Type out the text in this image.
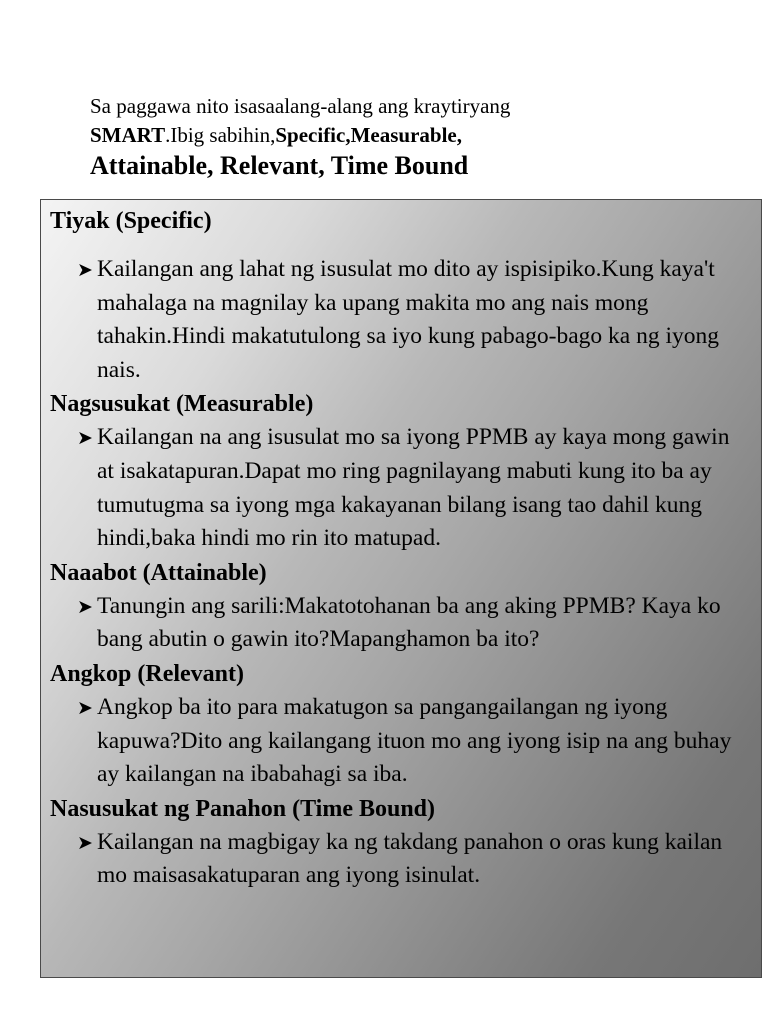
Sa paggawa nito isasaalang-alang ang kraytiryang

SMART.Ibig sabihin,Specific,Measurable,

Attainable, Relevant, Time Bound

Tiyak (Specific)

➤ Kailangan ang lahat ng isusulat mo dito ay ispisipiko.Kung kaya't mahalaga na magnilay ka upang makita mo ang nais mong tahakin.Hindi makatutulong sa iyo kung pabago-bago ka ng iyong nais.

Nagsusukat (Measurable)

➤ Kailangan na ang isusulat mo sa iyong PPMB ay kaya mong gawin at isakatapuran.Dapat mo ring pagnilayang mabuti kung ito ba ay tumutugma sa iyong mga kakayanan bilang isang tao dahil kung hindi,baka hindi mo rin ito matupad.

Naaabot (Attainable)

➤ Tanungin ang sarili:Makatotohanan ba ang aking PPMB? Kaya ko bang abutin o gawin ito?Mapanghamon ba ito?

Angkop (Relevant)

➤ Angkop ba ito para makatugon sa pangangailangan ng iyong kapuwa?Dito ang kailangang ituon mo ang iyong isip na ang buhay ay kailangan na ibabahagi sa iba.

Nasusukat ng Panahon (Time Bound)

➤ Kailangan na magbigay ka ng takdang panahon o oras kung kailan mo maisasakatuparan ang iyong isinulat.
